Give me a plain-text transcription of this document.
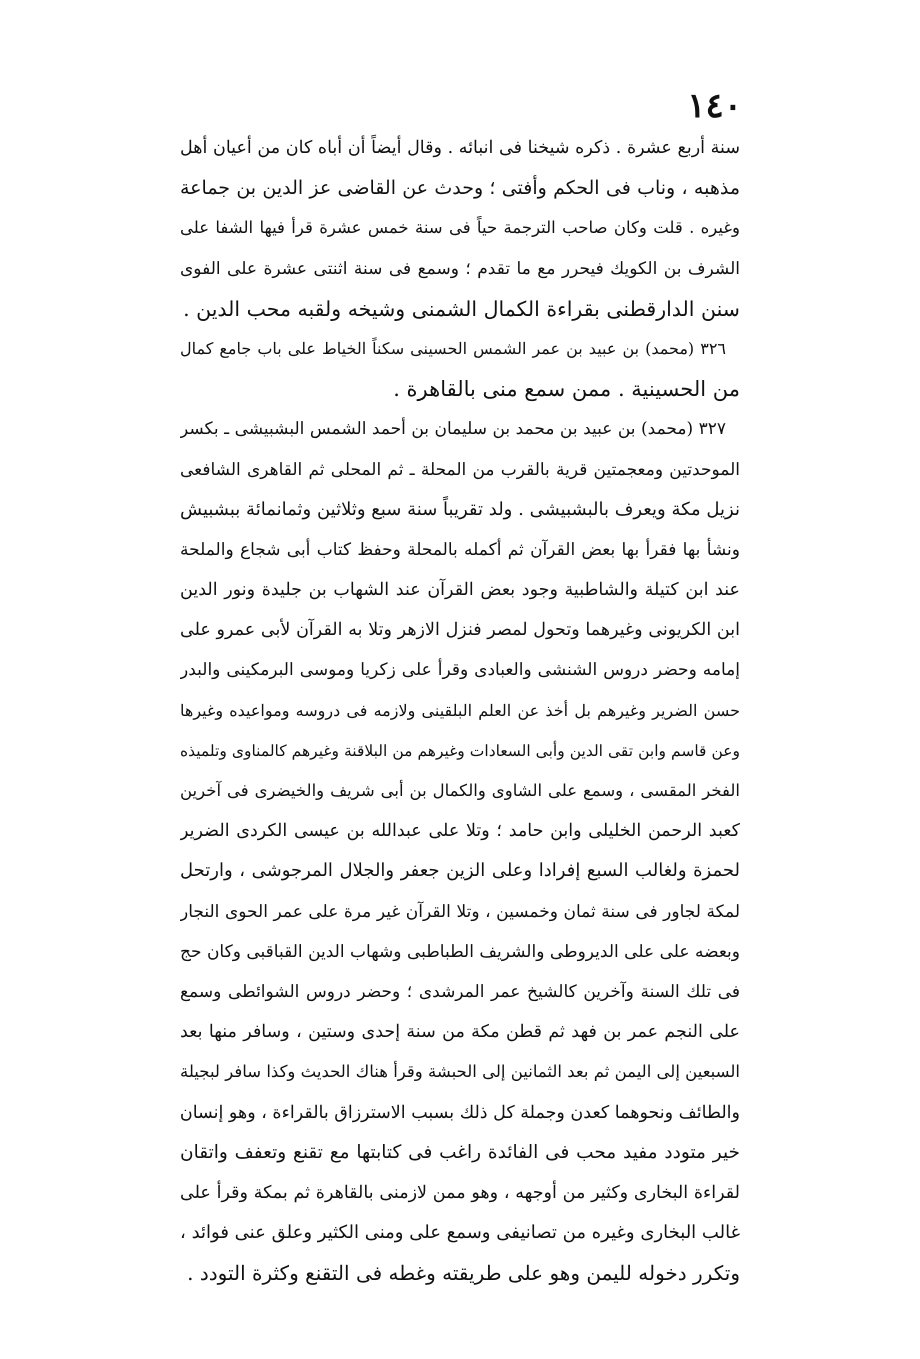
١٤٠
سنة أربع عشرة . ذكره شيخنا فى انبائه . وقال أيضاً أن أباه كان من أعيان أهل
مذهبه ، وناب فى الحكم وأفتى ؛ وحدث عن القاضى عز الدين بن جماعة
وغيره . قلت وكان صاحب الترجمة حياً فى سنة خمس عشرة قرأ فيها الشفا على
الشرف بن الكويك فيحرر مع ما تقدم ؛ وسمع فى سنة اثنتى عشرة على الفوى
سنن الدارقطنى بقراءة الكمال الشمنى وشيخه ولقبه محب الدين .
٣٢٦ (محمد) بن عبيد بن عمر الشمس الحسينى سكناً الخياط على باب جامع كمال
من الحسينية . ممن سمع منى بالقاهرة .
٣٢٧ (محمد) بن عبيد بن محمد بن سليمان بن أحمد الشمس البشبيشى ـ بكسر
الموحدتين ومعجمتين قرية بالقرب من المحلة ـ ثم المحلى ثم القاهرى الشافعى
نزيل مكة ويعرف بالبشبيشى . ولد تقريباً سنة سبع وثلاثين وثمانمائة ببشبيش
ونشأ بها فقرأ بها بعض القرآن ثم أكمله بالمحلة وحفظ كتاب أبى شجاع والملحة
عند ابن كتيلة والشاطبية وجود بعض القرآن عند الشهاب بن جليدة ونور الدين
ابن الكريونى وغيرهما وتحول لمصر فنزل الازهر وتلا به القرآن لأبى عمرو على
إمامه وحضر دروس الشنشى والعبادى وقرأ على زكريا وموسى البرمكينى والبدر
حسن الضرير وغيرهم بل أخذ عن العلم البلقينى ولازمه فى دروسه ومواعيده وغيرها
وعن قاسم وابن تقى الدين وأبى السعادات وغيرهم من البلاقنة وغيرهم كالمناوى وتلميذه
الفخر المقسى ، وسمع على الشاوى والكمال بن أبى شريف والخيضرى فى آخرين
كعبد الرحمن الخليلى وابن حامد ؛ وتلا على عبدالله بن عيسى الكردى الضرير
لحمزة ولغالب السبع إفرادا وعلى الزين جعفر والجلال المرجوشى ، وارتحل
لمكة لجاور فى سنة ثمان وخمسين ، وتلا القرآن غير مرة على عمر الحوى النجار
وبعضه على على الديروطى والشريف الطباطبى وشهاب الدين القباقبى وكان حج
فى تلك السنة وآخرين كالشيخ عمر المرشدى ؛ وحضر دروس الشوائطى وسمع
على النجم عمر بن فهد ثم قطن مكة من سنة إحدى وستين ، وسافر منها بعد
السبعين إلى اليمن ثم بعد الثمانين إلى الحبشة وقرأ هناك الحديث وكذا سافر لبجيلة
والطائف ونحوهما كعدن وجملة كل ذلك بسبب الاسترزاق بالقراءة ، وهو إنسان
خير متودد مفيد محب فى الفائدة راغب فى كتابتها مع تقنع وتعفف واتقان
لقراءة البخارى وكثير من أوجهه ، وهو ممن لازمنى بالقاهرة ثم بمكة وقرأ على
غالب البخارى وغيره من تصانيفى وسمع على ومنى الكثير وعلق عنى فوائد ،
وتكرر دخوله لليمن وهو على طريقته وغطه فى التقنع وكثرة التودد .
